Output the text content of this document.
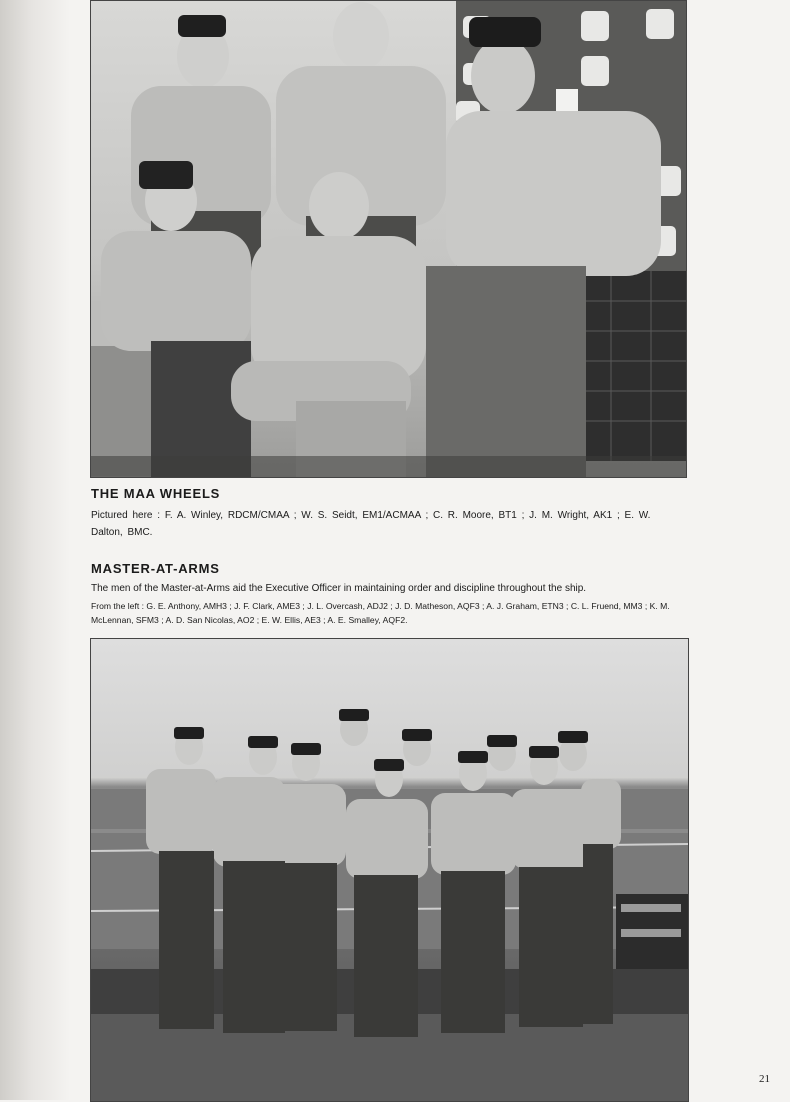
THE MAA WHEELS

Pictured here : F. A. Winley, RDCM/CMAA ; W. S. Seidt, EM1/ACMAA ; C. R. Moore, BT1 ; J. M. Wright, AK1 ; E. W. Dalton, BMC.

MASTER-AT-ARMS

The men of the Master-at-Arms aid the Executive Officer in maintaining order and discipline throughout the ship.

From the left : G. E. Anthony, AMH3 ; J. F. Clark, AME3 ; J. L. Overcash, ADJ2 ; J. D. Matheson, AQF3 ; A. J. Graham, ETN3 ; C. L. Fruend, MM3 ; K. M. McLennan, SFM3 ; A. D. San Nicolas, AO2 ; E. W. Ellis, AE3 ; A. E. Smalley, AQF2.

21
